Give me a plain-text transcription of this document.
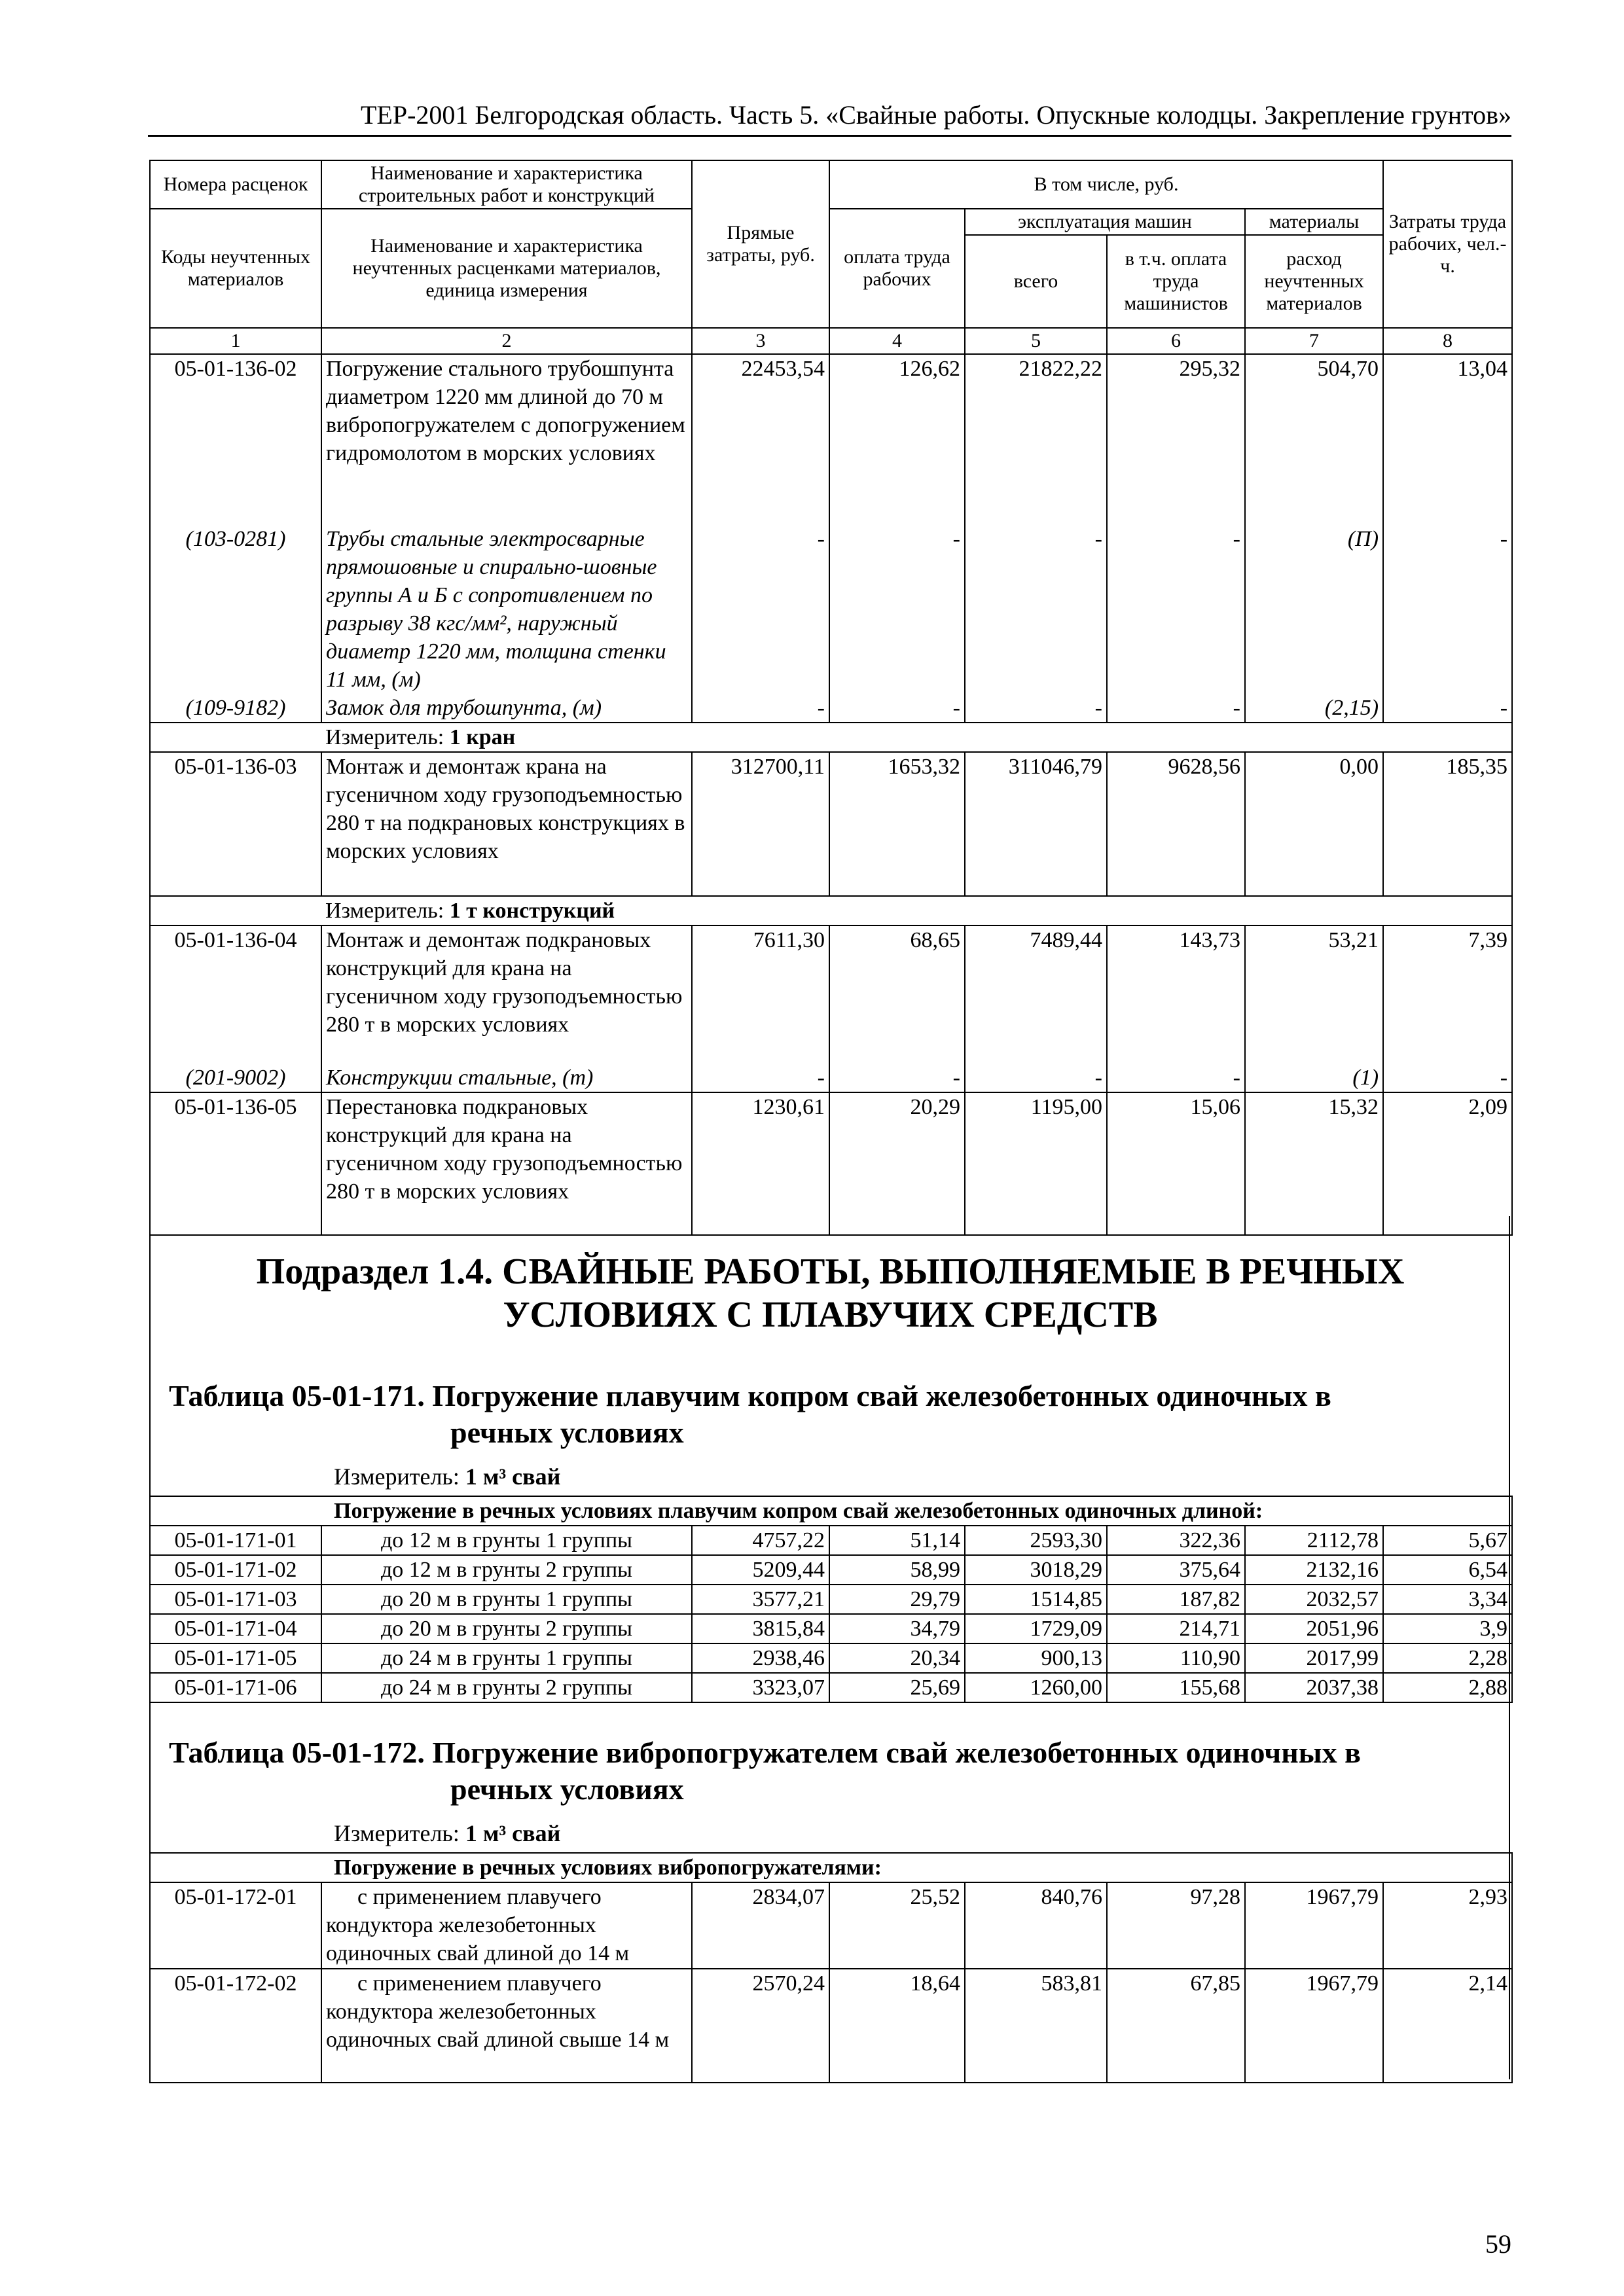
ТЕР-2001 Белгородская область. Часть 5. «Свайные работы. Опускные колодцы. Закрепление грунтов»
Номера расценок	Наименование и характеристика строительных работ и конструкций	Прямые затраты, руб.	В том числе, руб.				Затраты труда рабочих, чел.-ч.
Коды неучтенных материалов	Наименование и характеристика неучтенных расценками материалов, единица измерения		оплата труда рабочих	эксплуатация машин		материалы	
				всего	в т.ч. оплата труда машинистов	расход неучтенных материалов	
1	2	3	4	5	6	7	8
05-01-136-02	Погружение стального трубошпунта диаметром 1220 мм длиной до 70 м вибропогружателем с допогружением гидромолотом в морских условиях	22453,54	126,62	21822,22	295,32	504,70	13,04
(103-0281)	Трубы стальные электросварные прямошовные и спирально-шовные группы А и Б с сопротивлением по разрыву 38 кгс/мм², наружный диаметр 1220 мм, толщина стенки 11 мм, (м)	-	-	-	-	(П)	-
(109-9182)	Замок для трубошпунта, (м)	-	-	-	-	(2,15)	-
	Измеритель: 1 кран						
05-01-136-03	Монтаж и демонтаж крана на гусеничном ходу грузоподъемностью 280 т на подкрановых конструкциях в морских условиях	312700,11	1653,32	311046,79	9628,56	0,00	185,35
	Измеритель: 1 т конструкций						
05-01-136-04	Монтаж и демонтаж подкрановых конструкций для крана на гусеничном ходу грузоподъемностью 280 т в морских условиях	7611,30	68,65	7489,44	143,73	53,21	7,39
(201-9002)	Конструкции стальные, (т)	-	-	-	-	(1)	-
05-01-136-05	Перестановка подкрановых конструкций для крана на гусеничном ходу грузоподъемностью 280 т в морских условиях	1230,61	20,29	1195,00	15,06	15,32	2,09
Подраздел 1.4. СВАЙНЫЕ РАБОТЫ, ВЫПОЛНЯЕМЫЕ В РЕЧНЫХ
УСЛОВИЯХ С ПЛАВУЧИХ СРЕДСТВ
Таблица 05-01-171. Погружение плавучим копром свай железобетонных одиночных в
речных условиях
Измеритель: 1 м³ свай
Погружение в речных условиях плавучим копром свай железобетонных одиночных длиной:							
05-01-171-01	до 12 м в грунты 1 группы	4757,22	51,14	2593,30	322,36	2112,78	5,67
05-01-171-02	до 12 м в грунты 2 группы	5209,44	58,99	3018,29	375,64	2132,16	6,54
05-01-171-03	до 20 м в грунты 1 группы	3577,21	29,79	1514,85	187,82	2032,57	3,34
05-01-171-04	до 20 м в грунты 2 группы	3815,84	34,79	1729,09	214,71	2051,96	3,9
05-01-171-05	до 24 м в грунты 1 группы	2938,46	20,34	900,13	110,90	2017,99	2,28
05-01-171-06	до 24 м в грунты 2 группы	3323,07	25,69	1260,00	155,68	2037,38	2,88
Таблица 05-01-172. Погружение вибропогружателем свай железобетонных одиночных в
речных условиях
Измеритель: 1 м³ свай
Погружение в речных условиях вибропогружателями:							
05-01-172-01	с применением плавучего кондуктора железобетонных одиночных свай длиной до 14 м	2834,07	25,52	840,76	97,28	1967,79	2,93
05-01-172-02	с применением плавучего кондуктора железобетонных одиночных свай длиной свыше 14 м	2570,24	18,64	583,81	67,85	1967,79	2,14
59
